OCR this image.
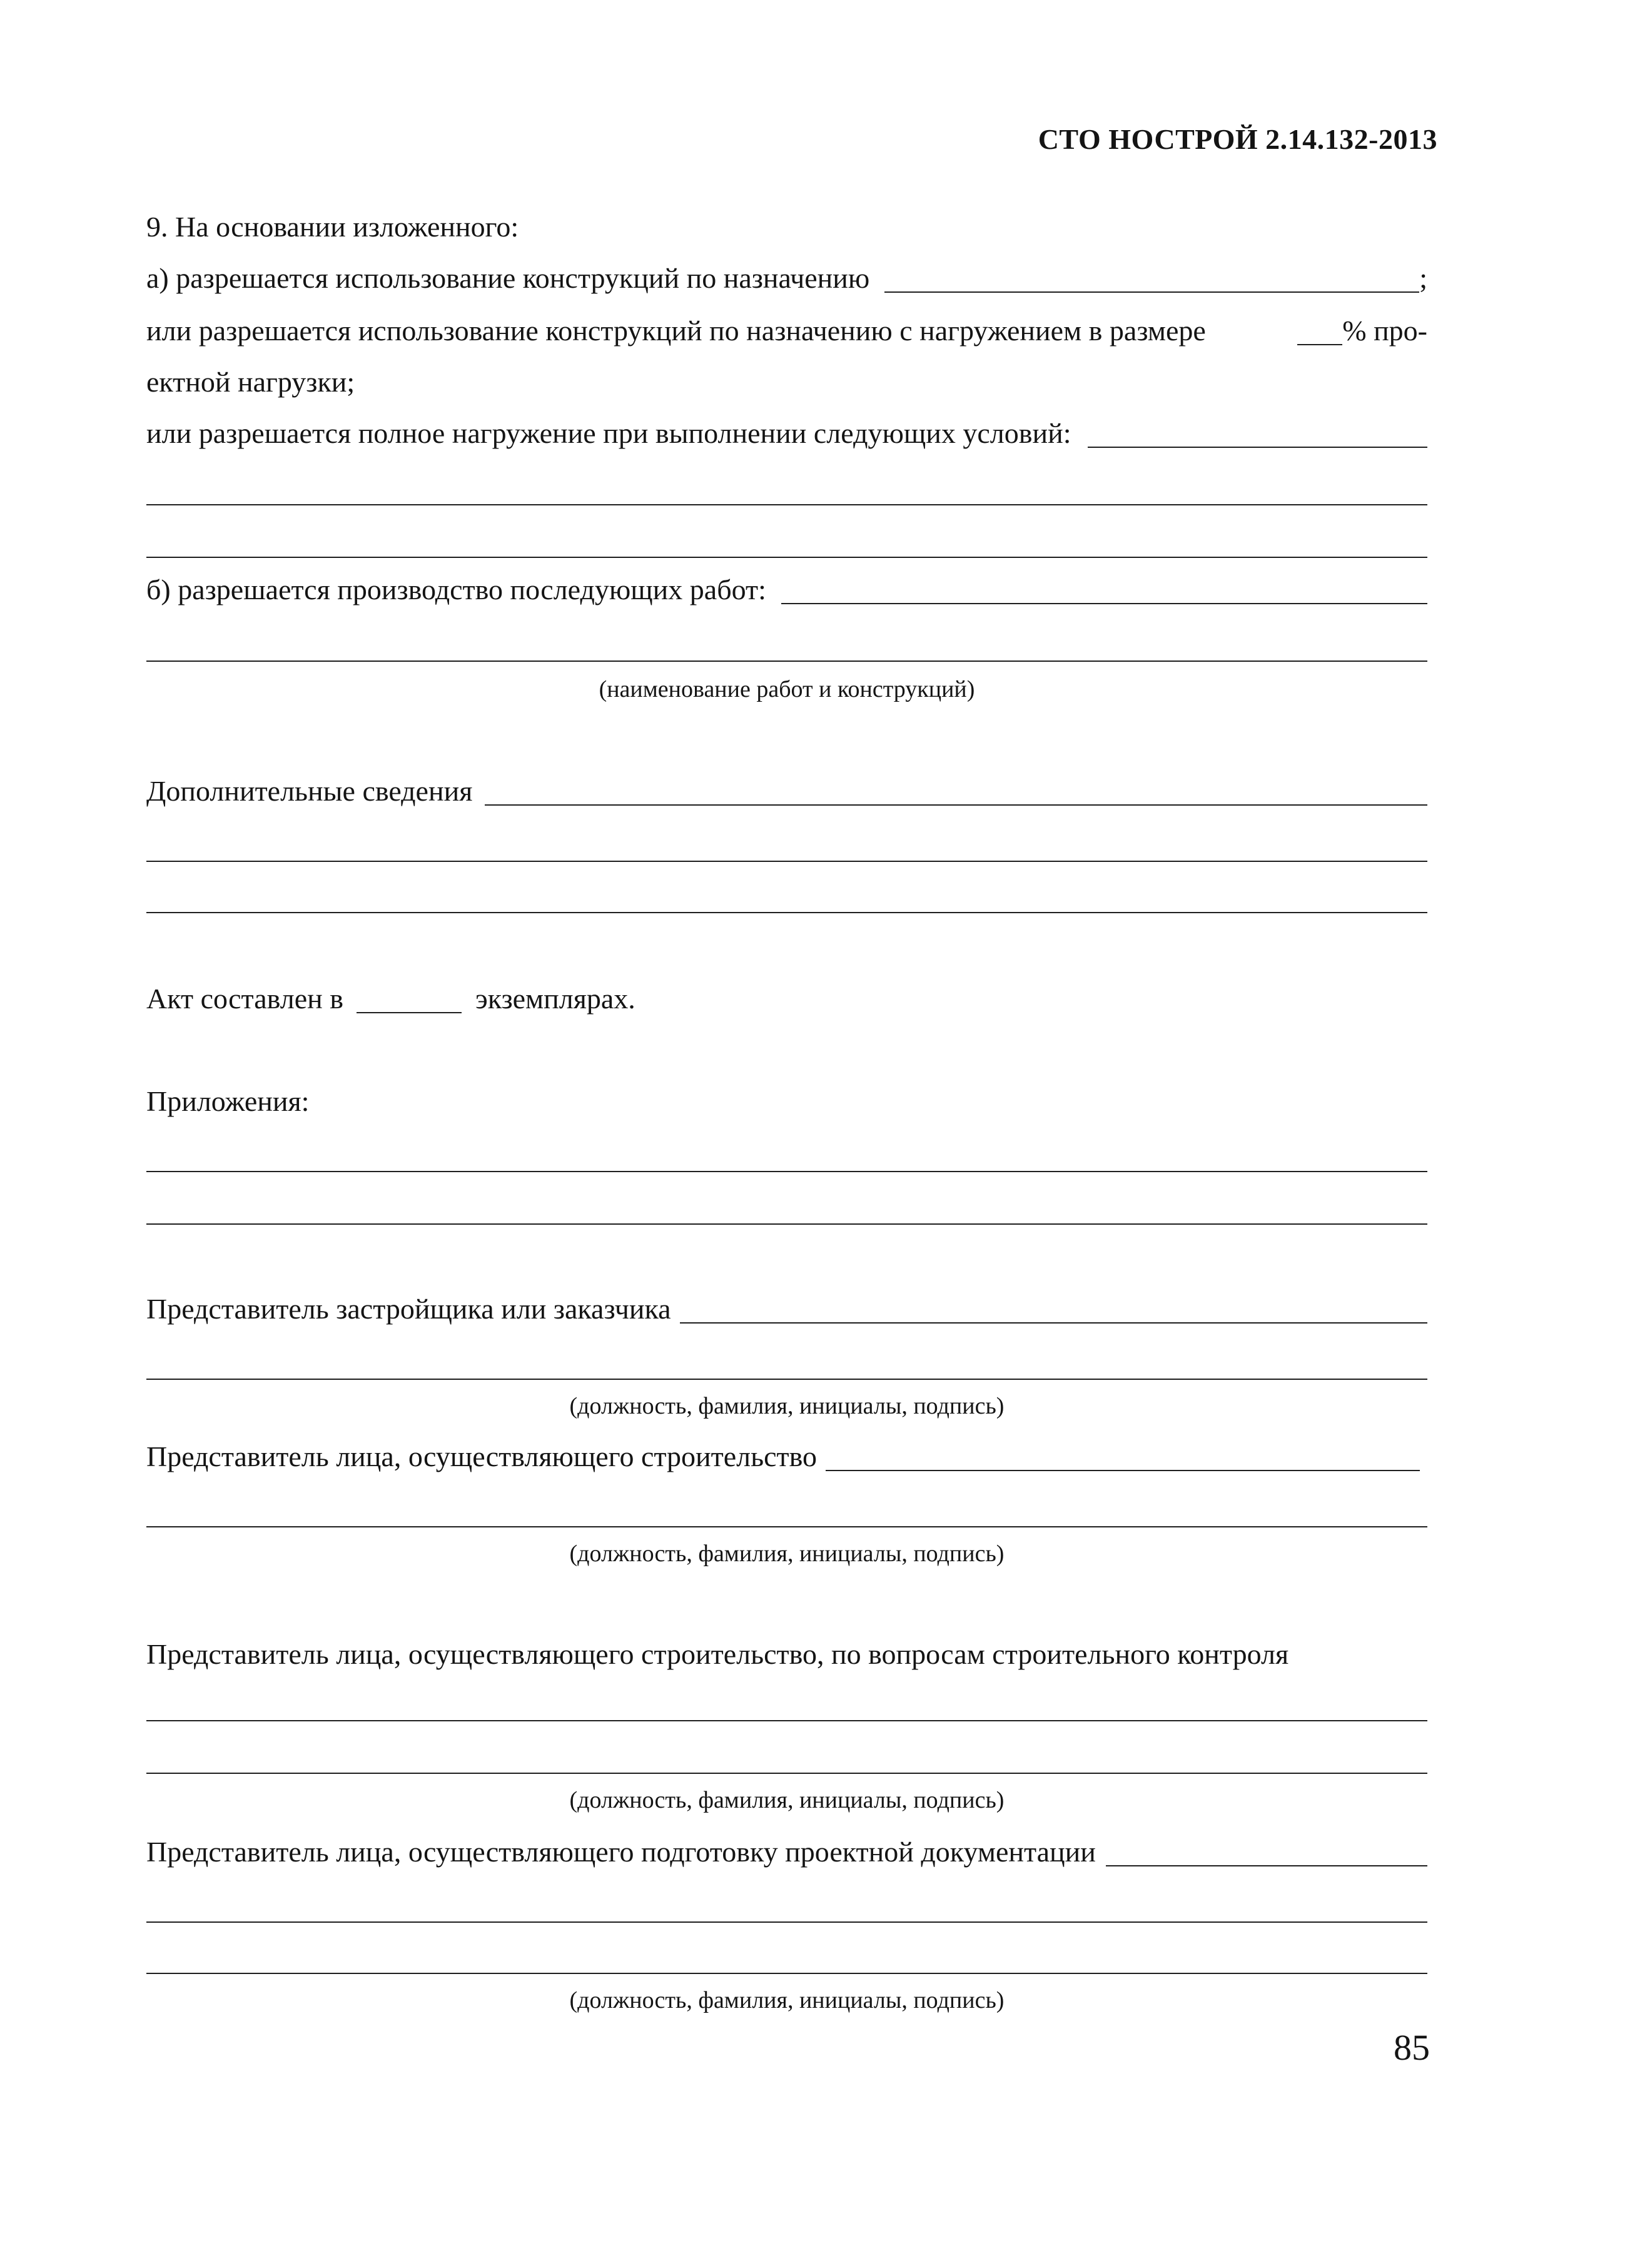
СТО НОСТРОЙ 2.14.132-2013
9. На основании изложенного:
а) разрешается использование конструкций по назначению	;
или разрешается использование конструкций по назначению с нагружением в размере	% про-
ектной нагрузки;
или разрешается полное нагружение при выполнении следующих условий:
б) разрешается производство последующих работ:
(наименование работ и конструкций)
Дополнительные сведения
Акт составлен в	экземплярах.
Приложения:
Представитель застройщика или заказчика
(должность, фамилия, инициалы, подпись)
Представитель лица, осуществляющего строительство
(должность, фамилия, инициалы, подпись)
Представитель лица, осуществляющего строительство, по вопросам строительного контроля
(должность, фамилия, инициалы, подпись)
Представитель лица, осуществляющего подготовку проектной документации
(должность, фамилия, инициалы, подпись)
85
